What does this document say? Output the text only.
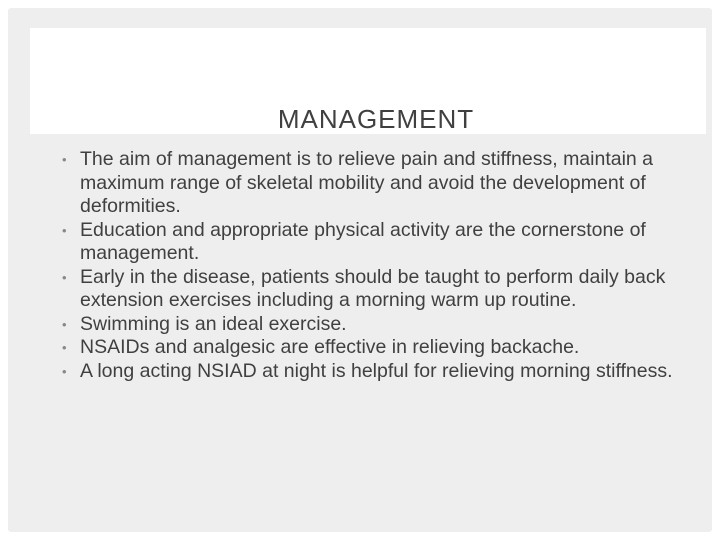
MANAGEMENT
• The aim of management is to relieve pain and stiffness, maintain a maximum range of skeletal mobility and avoid the development of deformities.
• Education and appropriate physical activity are the cornerstone of management.
• Early in the disease, patients should be taught to perform daily back extension exercises including a morning warm up routine.
• Swimming is an ideal exercise.
• NSAIDs and analgesic are effective in relieving backache.
• A long acting NSIAD at night is helpful for relieving morning stiffness.
